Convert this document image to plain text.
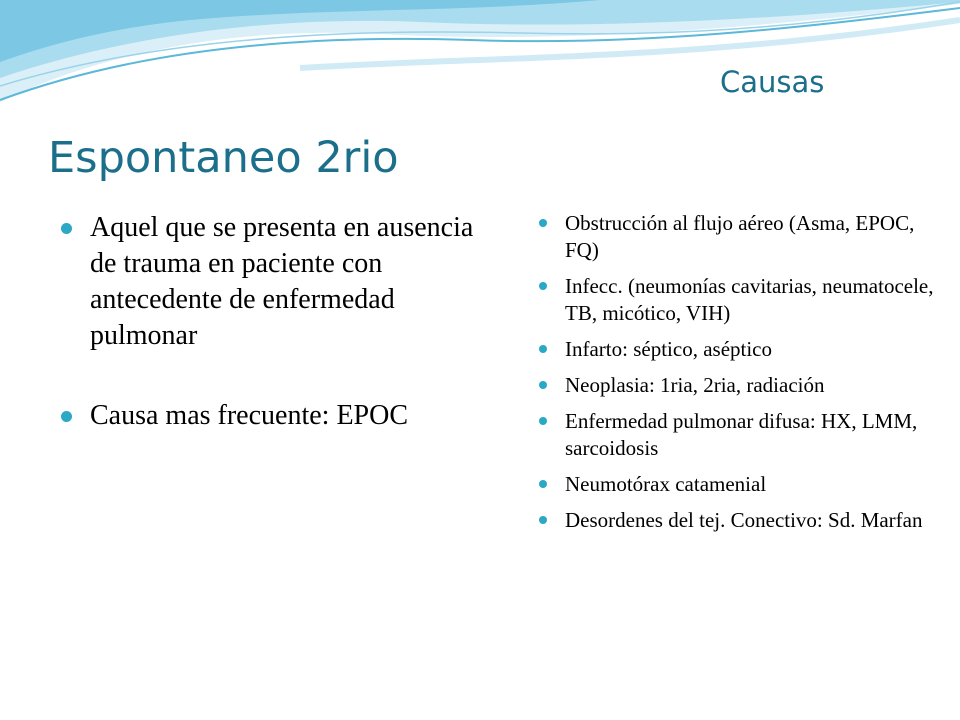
Causas
Espontaneo 2rio
Aquel que se presenta en ausencia de trauma en paciente con antecedente de enfermedad pulmonar
Causa mas frecuente: EPOC
Obstrucción al flujo aéreo (Asma, EPOC, FQ)
Infecc. (neumonías cavitarias, neumatocele, TB, micótico, VIH)
Infarto: séptico, aséptico
Neoplasia: 1ria, 2ria, radiación
Enfermedad pulmonar difusa: HX, LMM, sarcoidosis
Neumotórax catamenial
Desordenes del tej. Conectivo: Sd. Marfan
